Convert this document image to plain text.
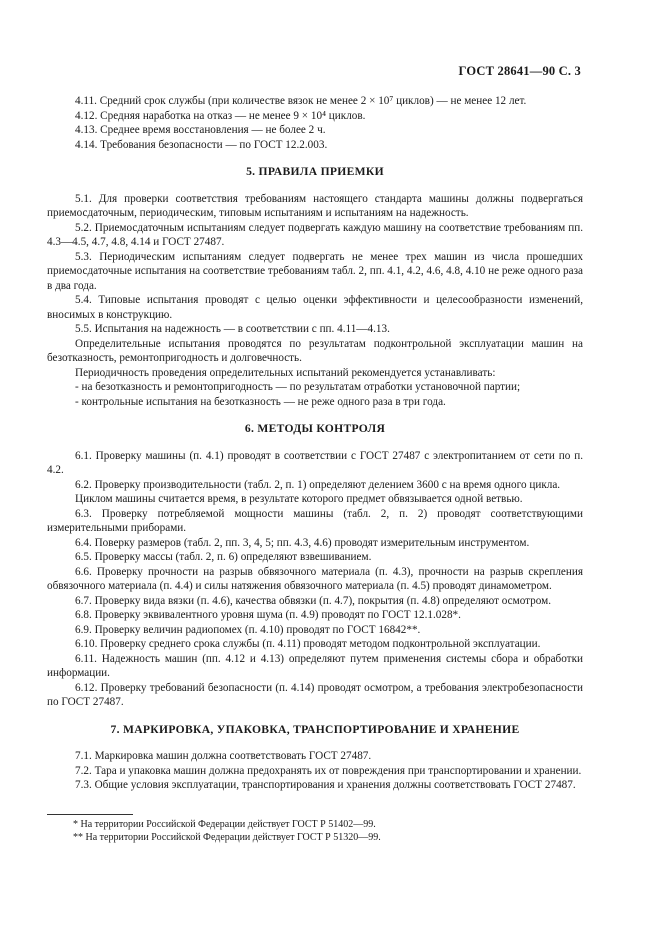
ГОСТ 28641—90 С. 3

4.11. Средний срок службы (при количестве вязок не менее 2 × 10⁷ циклов) — не менее 12 лет.

4.12. Средняя наработка на отказ — не менее 9 × 10⁴ циклов.

4.13. Среднее время восстановления — не более 2 ч.

4.14. Требования безопасности — по ГОСТ 12.2.003.

5. ПРАВИЛА ПРИЕМКИ

5.1. Для проверки соответствия требованиям настоящего стандарта машины должны подвергаться приемосдаточным, периодическим, типовым испытаниям и испытаниям на надежность.

5.2. Приемосдаточным испытаниям следует подвергать каждую машину на соответствие требованиям пп. 4.3—4.5, 4.7, 4.8, 4.14 и ГОСТ 27487.

5.3. Периодическим испытаниям следует подвергать не менее трех машин из числа прошедших приемосдаточные испытания на соответствие требованиям табл. 2, пп. 4.1, 4.2, 4.6, 4.8, 4.10 не реже одного раза в два года.

5.4. Типовые испытания проводят с целью оценки эффективности и целесообразности изменений, вносимых в конструкцию.

5.5. Испытания на надежность — в соответствии с пп. 4.11—4.13.

Определительные испытания проводятся по результатам подконтрольной эксплуатации машин на безотказность, ремонтопригодность и долговечность.

Периодичность проведения определительных испытаний рекомендуется устанавливать:

- на безотказность и ремонтопригодность — по результатам отработки установочной партии;

- контрольные испытания на безотказность — не реже одного раза в три года.

6. МЕТОДЫ КОНТРОЛЯ

6.1. Проверку машины (п. 4.1) проводят в соответствии с ГОСТ 27487 с электропитанием от сети по п. 4.2.

6.2. Проверку производительности (табл. 2, п. 1) определяют делением 3600 с на время одного цикла.

Циклом машины считается время, в результате которого предмет обвязывается одной ветвью.

6.3. Проверку потребляемой мощности машины (табл. 2, п. 2) проводят соответствующими измерительными приборами.

6.4. Поверку размеров (табл. 2, пп. 3, 4, 5; пп. 4.3, 4.6) проводят измерительным инструментом.

6.5. Проверку массы (табл. 2, п. 6) определяют взвешиванием.

6.6. Проверку прочности на разрыв обвязочного материала (п. 4.3), прочности на разрыв скрепления обвязочного материала (п. 4.4) и силы натяжения обвязочного материала (п. 4.5) проводят динамометром.

6.7. Проверку вида вязки (п. 4.6), качества обвязки (п. 4.7), покрытия (п. 4.8) определяют осмотром.

6.8. Проверку эквивалентного уровня шума (п. 4.9) проводят по ГОСТ 12.1.028*.

6.9. Проверку величин радиопомех (п. 4.10) проводят по ГОСТ 16842**.

6.10. Проверку среднего срока службы (п. 4.11) проводят методом подконтрольной эксплуатации.

6.11. Надежность машин (пп. 4.12 и 4.13) определяют путем применения системы сбора и обработки информации.

6.12. Проверку требований безопасности (п. 4.14) проводят осмотром, а требования электробезопасности по ГОСТ 27487.

7. МАРКИРОВКА, УПАКОВКА, ТРАНСПОРТИРОВАНИЕ И ХРАНЕНИЕ

7.1. Маркировка машин должна соответствовать ГОСТ 27487.

7.2. Тара и упаковка машин должна предохранять их от повреждения при транспортировании и хранении.

7.3. Общие условия эксплуатации, транспортирования и хранения должны соответствовать ГОСТ 27487.

* На территории Российской Федерации действует ГОСТ Р 51402—99.

** На территории Российской Федерации действует ГОСТ Р 51320—99.
